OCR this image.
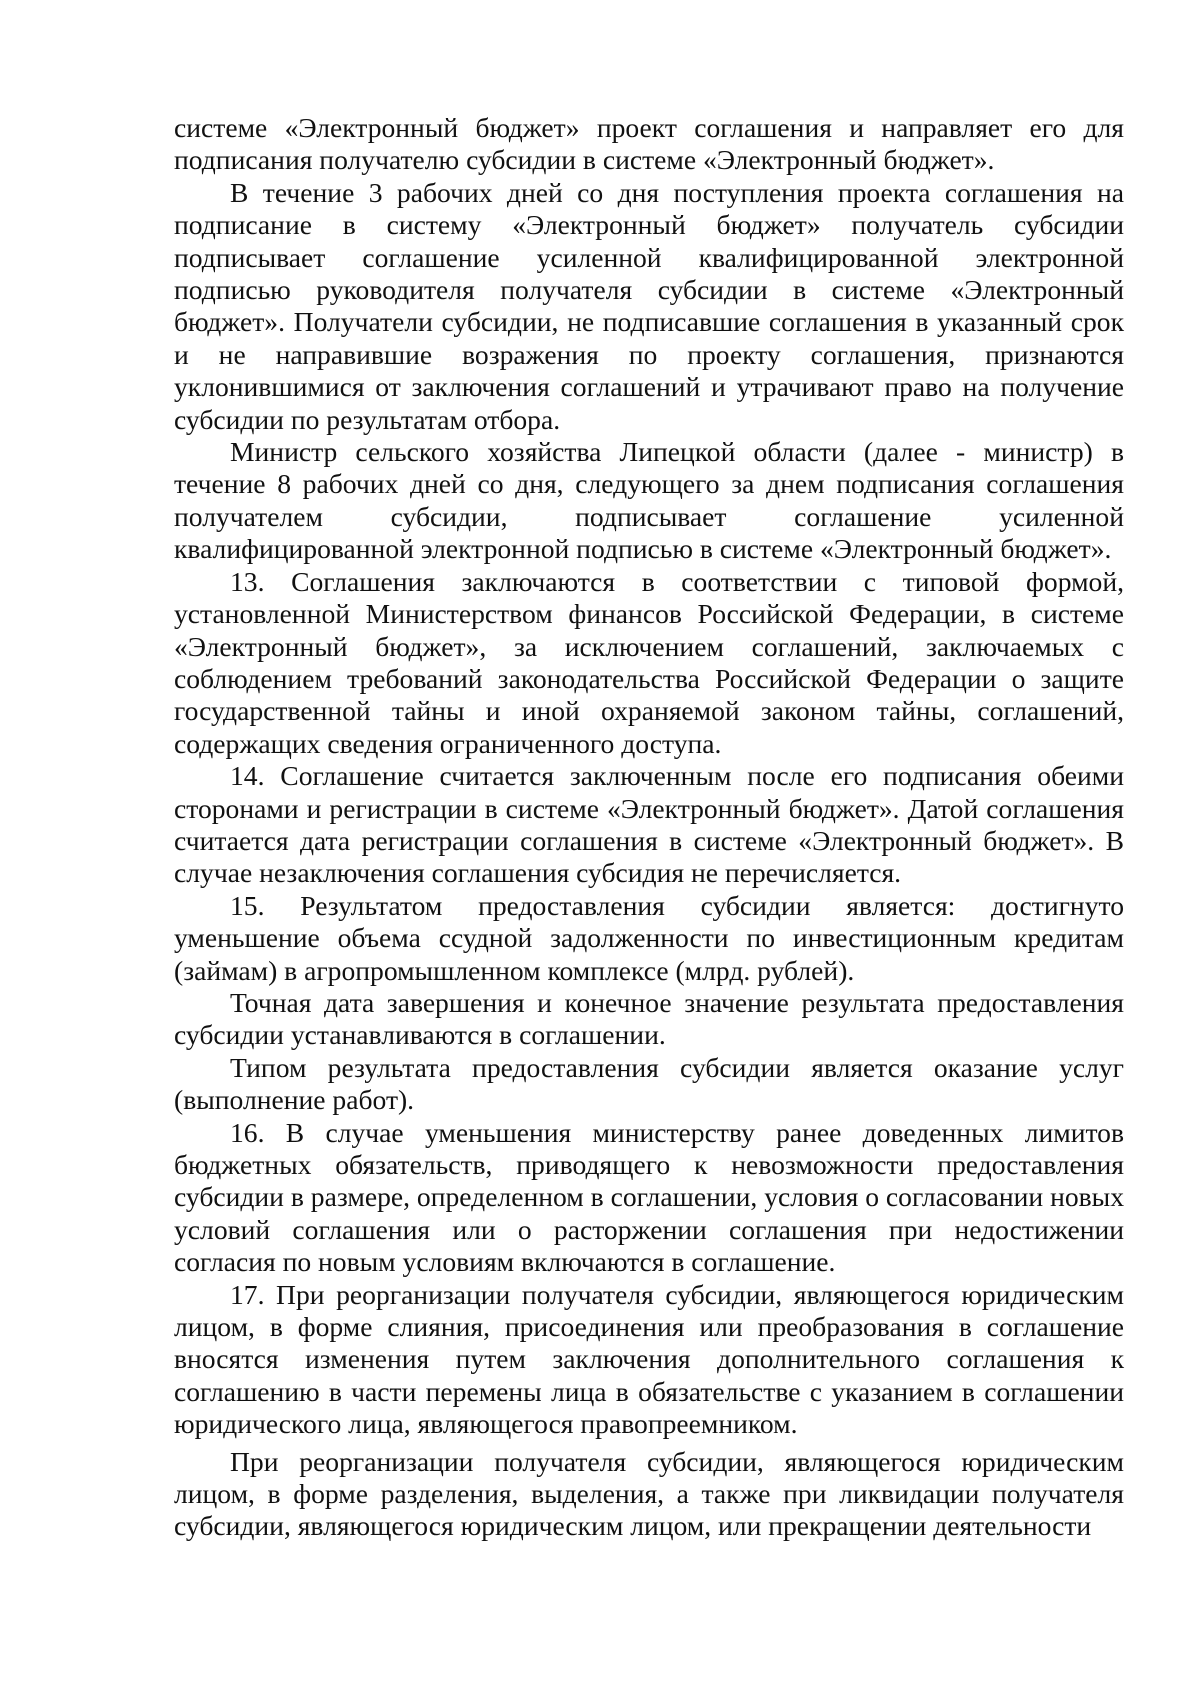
системе «Электронный бюджет» проект соглашения и направляет его для подписания получателю субсидии в системе «Электронный бюджет».

В течение 3 рабочих дней со дня поступления проекта соглашения на подписание в систему «Электронный бюджет» получатель субсидии подписывает соглашение усиленной квалифицированной электронной подписью руководителя получателя субсидии в системе «Электронный бюджет». Получатели субсидии, не подписавшие соглашения в указанный срок и не направившие возражения по проекту соглашения, признаются уклонившимися от заключения соглашений и утрачивают право на получение субсидии по результатам отбора.

Министр сельского хозяйства Липецкой области (далее - министр) в течение 8 рабочих дней со дня, следующего за днем подписания соглашения получателем субсидии, подписывает соглашение усиленной квалифицированной электронной подписью в системе «Электронный бюджет».

13. Соглашения заключаются в соответствии с типовой формой, установленной Министерством финансов Российской Федерации, в системе «Электронный бюджет», за исключением соглашений, заключаемых с соблюдением требований законодательства Российской Федерации о защите государственной тайны и иной охраняемой законом тайны, соглашений, содержащих сведения ограниченного доступа.

14. Соглашение считается заключенным после его подписания обеими сторонами и регистрации в системе «Электронный бюджет». Датой соглашения считается дата регистрации соглашения в системе «Электронный бюджет». В случае незаключения соглашения субсидия не перечисляется.

15. Результатом предоставления субсидии является: достигнуто уменьшение объема ссудной задолженности по инвестиционным кредитам (займам) в агропромышленном комплексе (млрд. рублей).

Точная дата завершения и конечное значение результата предоставления субсидии устанавливаются в соглашении.

Типом результата предоставления субсидии является оказание услуг (выполнение работ).

16. В случае уменьшения министерству ранее доведенных лимитов бюджетных обязательств, приводящего к невозможности предоставления субсидии в размере, определенном в соглашении, условия о согласовании новых условий соглашения или о расторжении соглашения при недостижении согласия по новым условиям включаются в соглашение.

17. При реорганизации получателя субсидии, являющегося юридическим лицом, в форме слияния, присоединения или преобразования в соглашение вносятся изменения путем заключения дополнительного соглашения к соглашению в части перемены лица в обязательстве с указанием в соглашении юридического лица, являющегося правопреемником.

При реорганизации получателя субсидии, являющегося юридическим лицом, в форме разделения, выделения, а также при ликвидации получателя субсидии, являющегося юридическим лицом, или прекращении деятельности
